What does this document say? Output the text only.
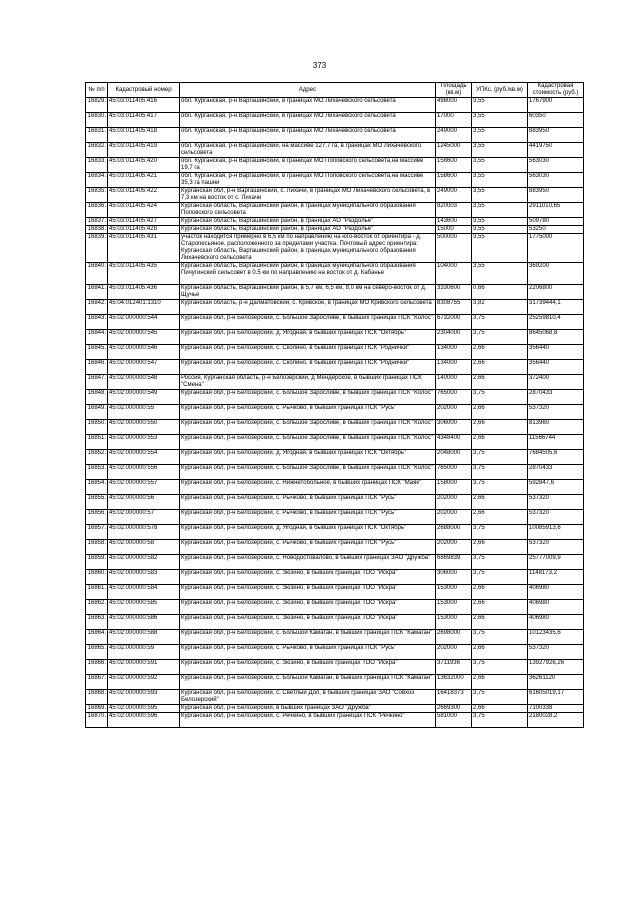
373
№ п/п	Кадастровый номер	Адрес	Площадь (кв.м)	УПКс. (руб./кв.м)	Кадастровая стоимость (руб.)
16829.	45:03:011405:416	обл. Курганская, р-н Варгашинский, в границах МО Лихачевского сельсовета	498000	3,55	1767900
16830.	45:03:011405:417	обл. Курганская, р-н Варгашинский, в границах МО Лихачевского сельсовета	17000	3,55	60350
16831.	45:03:011405:418	обл. Курганская, р-н Варгашинский, в границах МО Лихачевского сельсовета	249000	3,55	883950
16832.	45:03:011405:419	обл. Курганская, р-н Варгашинский, на массиве 127,7 га, в границах МО Лихачевского сельсовета	1245000	3,55	4419750
16833.	45:03:011405:420	обл. Курганская, р-н Варгашинский, в границах МО Поповского сельсовета,на массиве 19,7 га	158600	3,55	563030
16834.	45:03:011405:421	обл. Курганская, р-н Варгашинский, в границах МО Поповского сельсовета,на массиве 35,3 га пашни	158600	3,55	563030
16835.	45:03:011405:422	Курганская обл, р-н Варгашинский, с. Лихачи, в границах МО Лихачевского сельсовета, в 7,3 км на восток от с. Лихачи	249000	3,55	883950
16836.	45:03:011405:424	Курганская область, Варгашинский район, в границах муниципального образования Поповского сельсовета	820003	3,55	2911010,65
16837.	45:03:011405:427	Курганская область, Варгашинский район, в границах АО "Раздолье"	143600	3,55	509780
16838.	45:03:011405:428	Курганская область, Варгашинский район, в границах АО "Раздолье"	15000	3,55	53250
16839.	45:03:011405:431	участок находится примерно в 6,5 км по направлению на юго-восток от ориентира - д. Старопесьяное, расположенного за пределами участка. Почтовый адрес ориентира: Курганская область, Варгашинский район, в границах муниципального образования Лихачевского сельсовета	500000	3,55	1775000
16840.	45:03:011405:435	Курганская область, Варгашинский район, в границах муниципального образования Пичугинский сельсовет в 0.5 км по направлению на восток от д. Кабанье	104000	3,55	369200
16841.	45:03:011405:436	Курганская область, Варгашинский район, в 5,7 км, 6,5 км, 8,0 км на северо-восток от д. Щучье	3330600	0,66	2206800
16842.	45:04:012401:1310	Курганская область, р-н Далматовский, с. Кривское, в границах МО Кривского сельсовета	8308755	3,82	31739444,1
16843.	45:02:000000:544	Курганская обл, р-н Белозерский, с. Большое Заросливе, в бывших границах ПСК "Колос"	6732000	3,75	25259810,4
16844.	45:02:000000:545	Курганская обл, р-н Белозерский, д. Ягодная, в бывших границах ПСК "Октябрь"	2304000	3,75	8645068,8
16845.	45:02:000000:546	Курганская обл, р-н Белозерский, с. Скопино, в бывших границах ПСК "Роднички"	134000	2,66	356440
16846.	45:02:000000:547	Курганская обл, р-н Белозерский, с. Скопино, в бывших границах ПСК "Роднички"	134000	2,66	356440
16847.	45:02:000000:548	Россия, Курганская область, р-н Белозерский, д Мендерское, в бывших границах ПСК "Смена"	140000	2,66	372400
16848.	45:02:000000:549	Курганская обл, р-н Белозерский, с. Большое Заросливе, в бывших границах ПСК "Колос"	765000	3,75	2870433
16849.	45:02:000000:55	Курганская обл, р-н Белозерский, с. Рычково, в бывших границах ПСК "Русь"	202000	2,66	537320
16850.	45:02:000000:550	Курганская обл, р-н Белозерский, с. Большое Заросливе, в бывших границах ПСК "Колос"	306000	2,66	813960
16851.	45:02:000000:553	Курганская обл, р-н Белозерский, с. Большое Заросливе, в бывших границах ПСК "Колос"	4348400	2,66	11566744
16852.	45:02:000000:554	Курганская обл, р-н Белозерский, д. Ягодная, в бывших границах ПСК "Октябрь"	2048000	3,75	7684505,6
16853.	45:02:000000:556	Курганская обл, р-н Белозерский, с. Большое Заросливе, в бывших границах ПСК "Колос"	765000	3,75	2870433
16854.	45:02:000000:557	Курганская обл, р-н Белозерский, с. Нижнетобольное, в бывших границах ПСК "Маяк"	158000	3,75	592847,6
16855.	45:02:000000:56	Курганская обл, р-н Белозерский, с. Рычково, в бывших границах ПСК "Русь"	202000	2,66	537320
16856.	45:02:000000:57	Курганская обл, р-н Белозерский, с. Рычково, в бывших границах ПСК "Русь"	202000	2,66	537320
16857.	45:02:000000:578	Курганская обл, р-н Белозерский, д. Ягодная, в бывших границах ПСК "Октябрь"	2688000	3,75	10085913,6
16858.	45:02:000000:58	Курганская обл, р-н Белозерский, с. Рычково, в бывших границах ПСК "Русь"	202000	2,66	537320
16859.	45:02:000000:582	Курганская обл, р-н Белозерский, с. Новодостовалово, в бывших границах ЗАО "Дружба"	6869839	3,75	25777009,9
16860.	45:02:000000:583	Курганская обл, р-н Белозерский, с. Зюзино, в бывших границах ТОО "Искра"	306000	3,75	1148173,2
16861.	45:02:000000:584	Курганская обл, р-н Белозерский, с. Зюзино, в бывших границах ТОО "Искра"	153000	2,66	406980
16862.	45:02:000000:585	Курганская обл, р-н Белозерский, с. Зюзино, в бывших границах ТОО "Искра"	153000	2,66	406980
16863.	45:02:000000:586	Курганская обл, р-н Белозерский, с. Зюзино, в бывших границах ТОО "Искра"	153000	2,66	406980
16864.	45:02:000000:588	Курганская обл, р-н Белозерский, с. Большой Камаган, в бывших границах ПСК "Камаган"	2698000	3,75	10123435,6
16865.	45:02:000000:59	Курганская обл, р-н Белозерский, с. Рычково, в бывших границах ПСК "Русь"	202000	2,66	537320
16866.	45:02:000000:591	Курганская обл, р-н Белозерский, с. Зюзино, в бывших границах ТОО "Искра"	3711936	3,75	13927926,26
16867.	45:02:000000:592	Курганская обл, р-н Белозерский, с. Большой Камаган, в бывших границах ПСК "Камаган"	13632000	2,66	36261120
16868.	45:02:000000:593	Курганская обл, р-н Белозерский, с. Светлый Дол, в бывших границах ЗАО "Совхоз Белозерский"	16418373	3,75	61605019,17
16869.	45:02:000000:595	Курганская обл, р-н Белозерский, в бывших границах ЗАО "Дружба"	2669300	2,66	7100338
16870.	45:02:000000:596	Курганская обл, р-н Белозерский, с. Речкино, в бывших границах ПСК "Речкино"	581000	3,75	2180028,2
